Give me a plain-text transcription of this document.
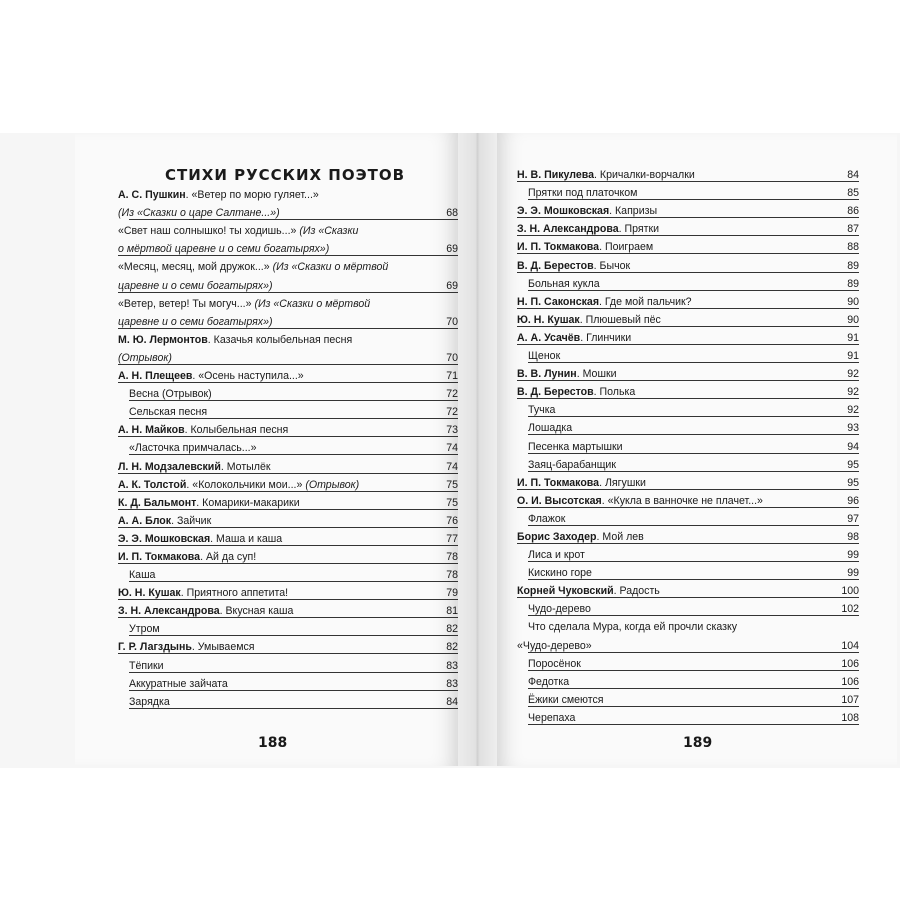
СТИХИ РУССКИХ ПОЭТОВ
А. С. Пушкин. «Ветер по морю гуляет...»
(Из «Сказки о царе Салтане...»)	68
«Свет наш солнышко! ты ходишь...» (Из «Сказки
о мёртвой царевне и о семи богатырях»)	69
«Месяц, месяц, мой дружок...» (Из «Сказки о мёртвой
царевне и о семи богатырях»)	69
«Ветер, ветер! Ты могуч...» (Из «Сказки о мёртвой
царевне и о семи богатырях»)	70
М. Ю. Лермонтов. Казачья колыбельная песня
(Отрывок)	70
А. Н. Плещеев. «Осень наступила...»	71
Весна (Отрывок)	72
Сельская песня	72
А. Н. Майков. Колыбельная песня	73
«Ласточка примчалась...»	74
Л. Н. Модзалевский. Мотылёк	74
А. К. Толстой. «Колокольчики мои...» (Отрывок)	75
К. Д. Бальмонт. Комарики-макарики	75
А. А. Блок. Зайчик	76
Э. Э. Мошковская. Маша и каша	77
И. П. Токмакова. Ай да суп!	78
Каша	78
Ю. Н. Кушак. Приятного аппетита!	79
З. Н. Александрова. Вкусная каша	81
Утром	82
Г. Р. Лагздынь. Умываемся	82
Тёпики	83
Аккуратные зайчата	83
Зарядка	84
Н. В. Пикулева. Кричалки-ворчалки	84
Прятки под платочком	85
Э. Э. Мошковская. Капризы	86
З. Н. Александрова. Прятки	87
И. П. Токмакова. Поиграем	88
В. Д. Берестов. Бычок	89
Больная кукла	89
Н. П. Саконская. Где мой пальчик?	90
Ю. Н. Кушак. Плюшевый пёс	90
А. А. Усачёв. Глинчики	91
Щенок	91
В. В. Лунин. Мошки	92
В. Д. Берестов. Полька	92
Тучка	92
Лошадка	93
Песенка мартышки	94
Заяц-барабанщик	95
И. П. Токмакова. Лягушки	95
О. И. Высотская. «Кукла в ванночке не плачет...»	96
Флажок	97
Борис Заходер. Мой лев	98
Лиса и крот	99
Кискино горе	99
Корней Чуковский. Радость	100
Чудо-дерево	102
Что сделала Мура, когда ей прочли сказку
«Чудо-дерево»	104
Поросёнок	106
Федотка	106
Ёжики смеются	107
Черепаха	108
188	189
